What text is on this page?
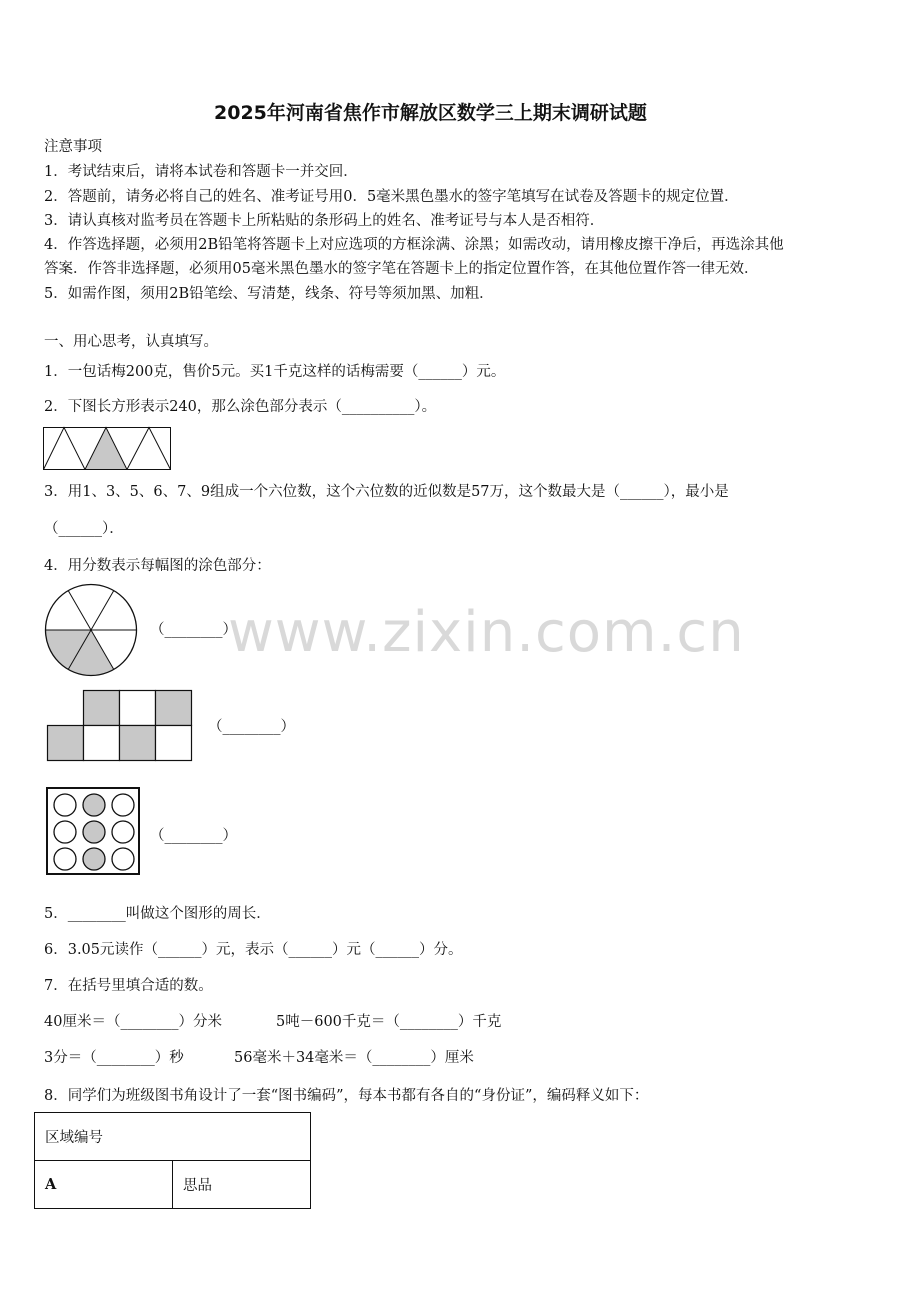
www.zixin.com.cn
2025年河南省焦作市解放区数学三上期末调研试题
注意事项
1．考试结束后，请将本试卷和答题卡一并交回．
2．答题前，请务必将自己的姓名、准考证号用0．5毫米黑色墨水的签字笔填写在试卷及答题卡的规定位置．
3．请认真核对监考员在答题卡上所粘贴的条形码上的姓名、准考证号与本人是否相符．
4．作答选择题，必须用2B铅笔将答题卡上对应选项的方框涂满、涂黑；如需改动，请用橡皮擦干净后，再选涂其他
答案．作答非选择题，必须用05毫米黑色墨水的签字笔在答题卡上的指定位置作答，在其他位置作答一律无效．
5．如需作图，须用2B铅笔绘、写清楚，线条、符号等须加黑、加粗．
一、用心思考，认真填写。
1．一包话梅200克，售价5元。买1千克这样的话梅需要（______）元。
2．下图长方形表示240，那么涂色部分表示（__________）。
3．用1、3、5、6、7、9组成一个六位数，这个六位数的近似数是57万，这个数最大是（______），最小是
（______）．
4．用分数表示每幅图的涂色部分：
（________）
（________）
（________）
5．________叫做这个图形的周长．
6．3.05元读作（______）元，表示（______）元（______）分。
7．在括号里填合适的数。
40厘米＝（________）分米	5吨－600千克＝（________）千克
3分＝（________）秒	56毫米＋34毫米＝（________）厘米
8．同学们为班级图书角设计了一套“图书编码”，每本书都有各自的“身份证”，编码释义如下：
区域编号
A	思品
